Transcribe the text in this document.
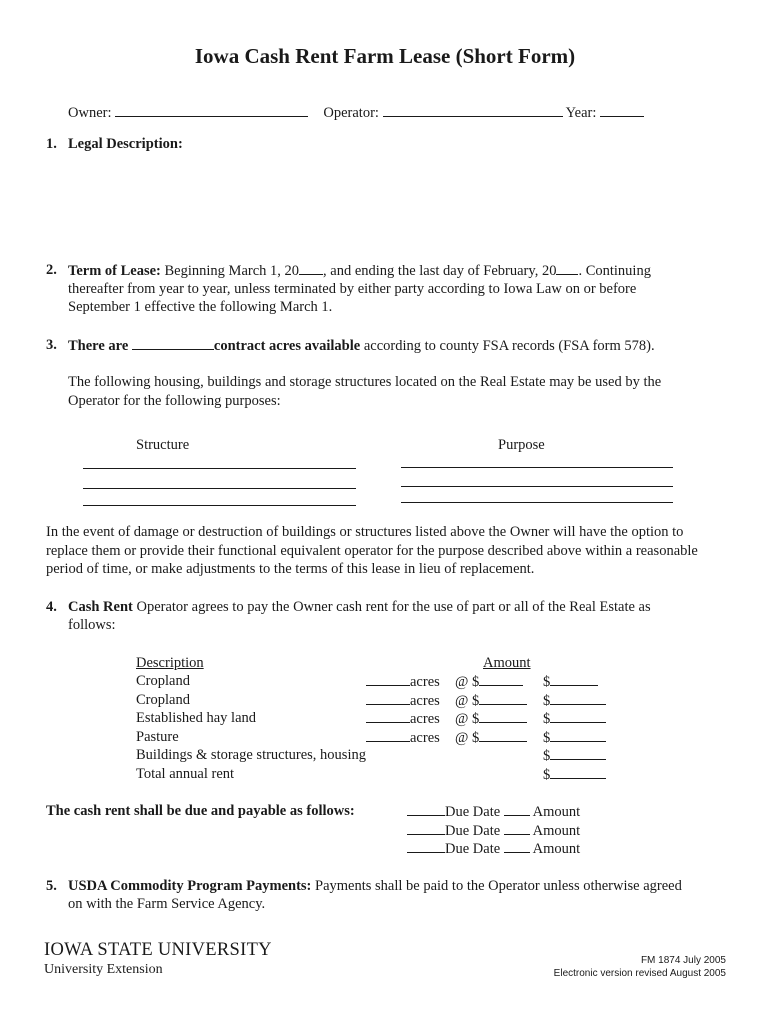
Iowa Cash Rent Farm Lease (Short Form)
Owner:	Operator:	Year:
1. Legal Description:
2. Term of Lease: Beginning March 1, 20 , and ending the last day of February, 20 . Continuing
thereafter from year to year, unless terminated by either party according to Iowa Law on or before
September 1 effective the following March 1.
3. There are	contract acres available according to county FSA records (FSA form 578).
The following housing, buildings and storage structures located on the Real Estate may be used by the
Operator for the following purposes:
Structure	Purpose
In the event of damage or destruction of buildings or structures listed above the Owner will have the option to
replace them or provide their functional equivalent operator for the purpose described above within a reasonable
period of time, or make adjustments to the terms of this lease in lieu of replacement.
4. Cash Rent Operator agrees to pay the Owner cash rent for the use of part or all of the Real Estate as
follows:
Description	Amount
Cropland	acres @ $	$
Cropland	acres @ $	$
Established hay land	acres @ $	$
Pasture	acres @ $	$
Buildings & storage structures, housing	$
Total annual rent	$
The cash rent shall be due and payable as follows:	Due Date Amount
Due Date Amount
Due Date Amount
5. USDA Commodity Program Payments: Payments shall be paid to the Operator unless otherwise agreed
on with the Farm Service Agency.
IOWA STATE UNIVERSITY
University Extension
FM 1874 July 2005
Electronic version revised August 2005
